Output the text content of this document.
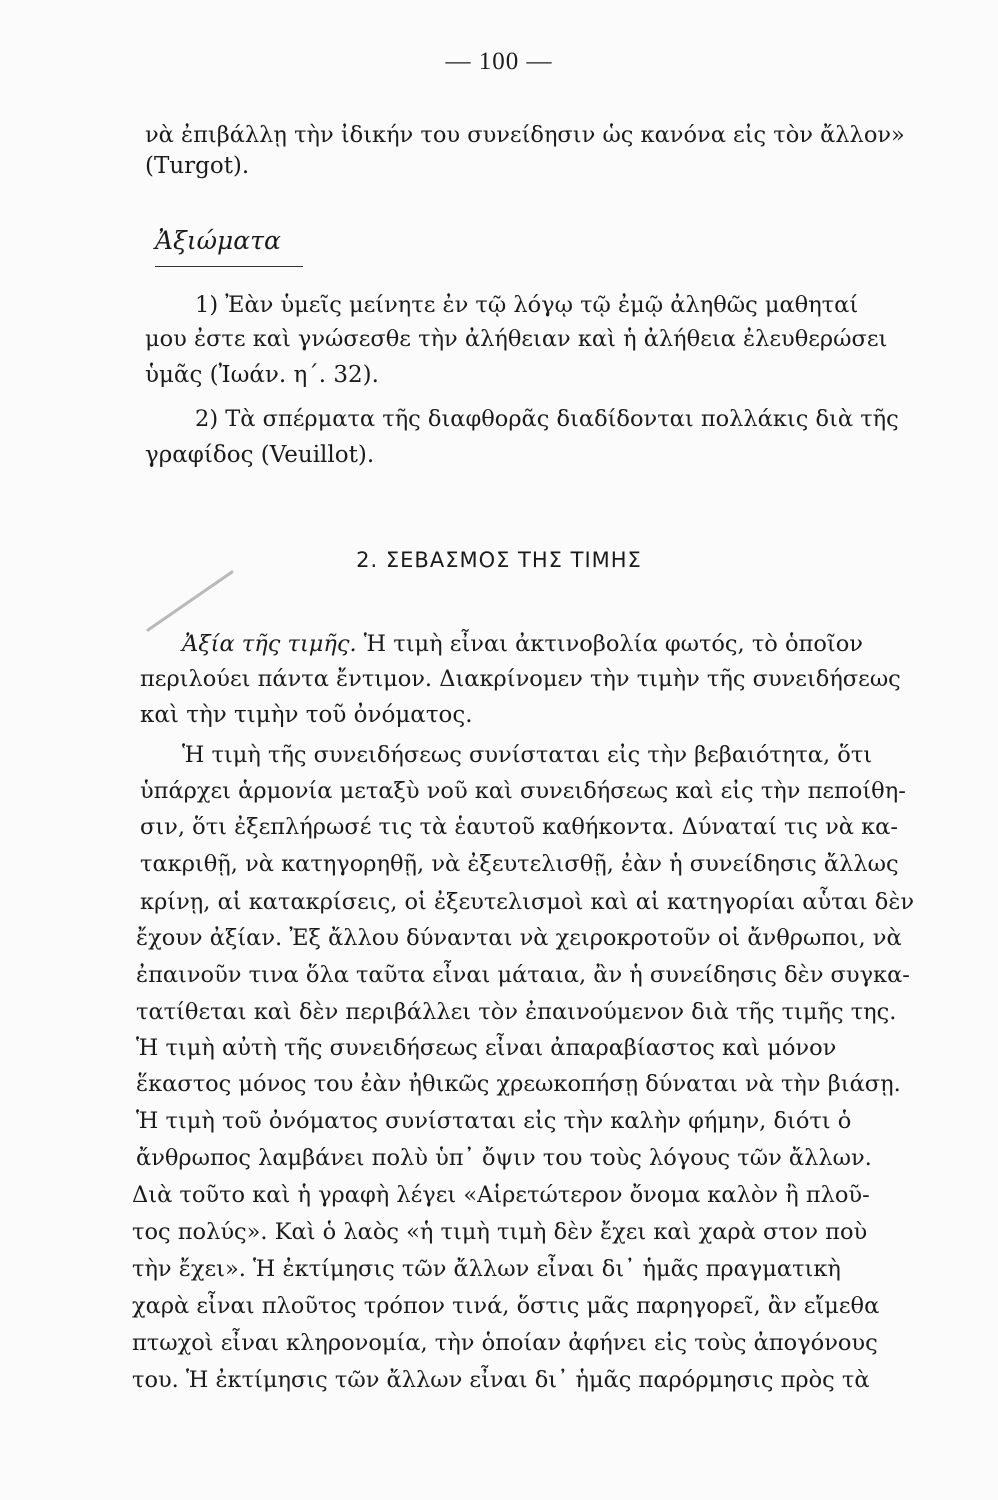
— 100 —
νὰ ἐπιβάλλῃ τὴν ἰδικήν του συνείδησιν ὡς κανόνα εἰς τὸν ἄλλον»
(Turgot).
Ἀξιώματα
1) Ἐὰν ὑμεῖς μείνητε ἐν τῷ λόγῳ τῷ ἐμῷ ἀληθῶς μαθηταί
μου ἐστε καὶ γνώσεσθε τὴν ἀλήθειαν καὶ ἡ ἀλήθεια ἐλευθερώσει
ὑμᾶς (Ἰωάν. η΄. 32).
2) Τὰ σπέρματα τῆς διαφθορᾶς διαδίδονται πολλάκις διὰ τῆς
γραφίδος (Veuillot).
2. ΣΕΒΑΣΜΟΣ ΤΗΣ ΤΙΜΗΣ
Ἀξία τῆς τιμῆς. Ἡ τιμὴ εἶναι ἀκτινοβολία φωτός, τὸ ὁποῖον
περιλούει πάντα ἔντιμον. Διακρίνομεν τὴν τιμὴν τῆς συνειδήσεως
καὶ τὴν τιμὴν τοῦ ὀνόματος.
Ἡ τιμὴ τῆς συνειδήσεως συνίσταται εἰς τὴν βεβαιότητα, ὅτι
ὑπάρχει ἁρμονία μεταξὺ νοῦ καὶ συνειδήσεως καὶ εἰς τὴν πεποίθη-
σιν, ὅτι ἐξεπλήρωσέ τις τὰ ἑαυτοῦ καθήκοντα. Δύναταί τις νὰ κα-
τακριθῇ, νὰ κατηγορηθῇ, νὰ ἐξευτελισθῇ, ἐὰν ἡ συνείδησις ἄλλως
κρίνῃ, αἱ κατακρίσεις, οἱ ἐξευτελισμοὶ καὶ αἱ κατηγορίαι αὗται δὲν
ἔχουν ἀξίαν. Ἐξ ἄλλου δύνανται νὰ χειροκροτοῦν οἱ ἄνθρωποι, νὰ
ἐπαινοῦν τινα ὅλα ταῦτα εἶναι μάταια, ἂν ἡ συνείδησις δὲν συγκα-
τατίθεται καὶ δὲν περιβάλλει τὸν ἐπαινούμενον διὰ τῆς τιμῆς της.
Ἡ τιμὴ αὐτὴ τῆς συνειδήσεως εἶναι ἀπαραβίαστος καὶ μόνον
ἕκαστος μόνος του ἐὰν ἠθικῶς χρεωκοπήσῃ δύναται νὰ τὴν βιάσῃ.
Ἡ τιμὴ τοῦ ὀνόματος συνίσταται εἰς τὴν καλὴν φήμην, διότι ὁ
ἄνθρωπος λαμβάνει πολὺ ὑπ᾽ ὄψιν του τοὺς λόγους τῶν ἄλλων.
Διὰ τοῦτο καὶ ἡ γραφὴ λέγει «Αἱρετώτερον ὄνομα καλὸν ἢ πλοῦ-
τος πολύς». Καὶ ὁ λαὸς «ἡ τιμὴ τιμὴ δὲν ἔχει καὶ χαρὰ στον ποὺ
τὴν ἔχει». Ἡ ἐκτίμησις τῶν ἄλλων εἶναι δι᾽ ἡμᾶς πραγματικὴ
χαρὰ εἶναι πλοῦτος τρόπον τινά, ὅστις μᾶς παρηγορεῖ, ἂν εἴμεθα
πτωχοὶ εἶναι κληρονομία, τὴν ὁποίαν ἀφήνει εἰς τοὺς ἀπογόνους
του. Ἡ ἐκτίμησις τῶν ἄλλων εἶναι δι᾽ ἡμᾶς παρόρμησις πρὸς τὰ
